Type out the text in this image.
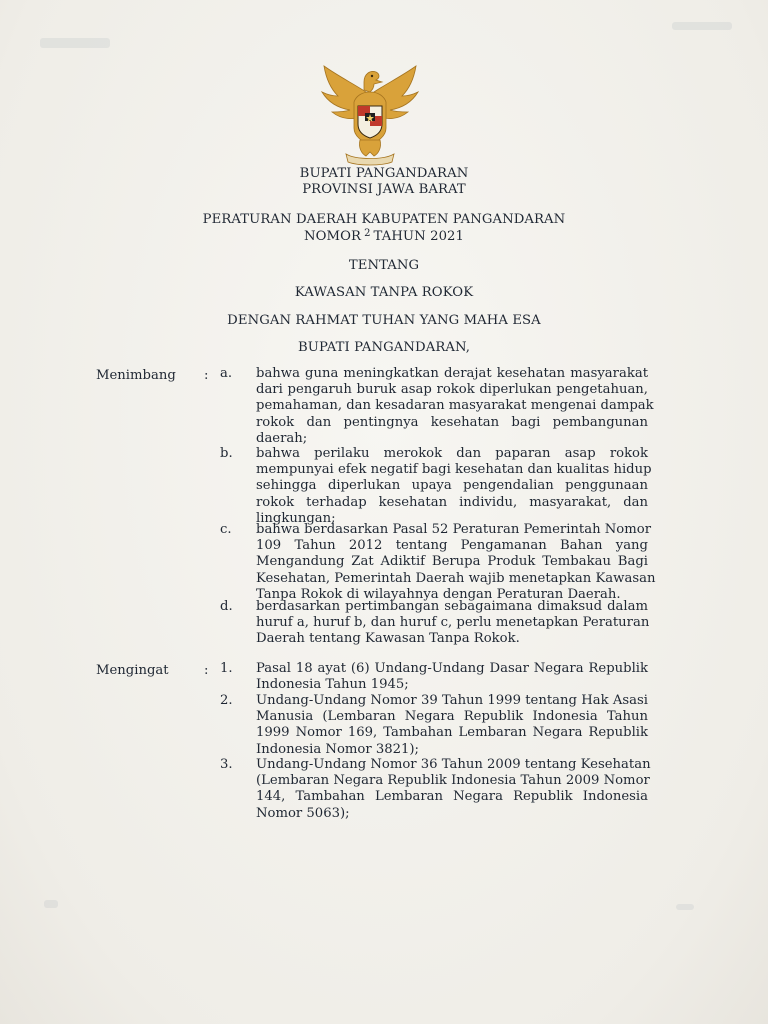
BUPATI PANGANDARAN
PROVINSI JAWA BARAT
PERATURAN DAERAH KABUPATEN PANGANDARAN
NOMOR $^2$ TAHUN 2021
TENTANG
KAWASAN TANPA ROKOK
DENGAN RAHMAT TUHAN YANG MAHA ESA
BUPATI PANGANDARAN,
Menimbang : a.	bahwa guna meningkatkan derajat kesehatan masyarakat
dari pengaruh buruk asap rokok diperlukan pengetahuan,
pemahaman, dan kesadaran masyarakat mengenai dampak
rokok dan pentingnya kesehatan bagi pembangunan
daerah;
b.	bahwa perilaku merokok dan paparan asap rokok
mempunyai efek negatif bagi kesehatan dan kualitas hidup
sehingga diperlukan upaya pengendalian penggunaan
rokok terhadap kesehatan individu, masyarakat, dan
lingkungan;
c.	bahwa berdasarkan Pasal 52 Peraturan Pemerintah Nomor
109 Tahun 2012 tentang Pengamanan Bahan yang
Mengandung Zat Adiktif Berupa Produk Tembakau Bagi
Kesehatan, Pemerintah Daerah wajib menetapkan Kawasan
Tanpa Rokok di wilayahnya dengan Peraturan Daerah.
d.	berdasarkan pertimbangan sebagaimana dimaksud dalam
huruf a, huruf b, dan huruf c, perlu menetapkan Peraturan
Daerah tentang Kawasan Tanpa Rokok.
Mengingat	: 1.	Pasal 18 ayat (6) Undang-Undang Dasar Negara Republik
Indonesia Tahun 1945;
2.	Undang-Undang Nomor 39 Tahun 1999 tentang Hak Asasi
Manusia (Lembaran Negara Republik Indonesia Tahun
1999 Nomor 169, Tambahan Lembaran Negara Republik
Indonesia Nomor 3821);
3.	Undang-Undang Nomor 36 Tahun 2009 tentang Kesehatan
(Lembaran Negara Republik Indonesia Tahun 2009 Nomor
144, Tambahan Lembaran Negara Republik Indonesia
Nomor 5063);
